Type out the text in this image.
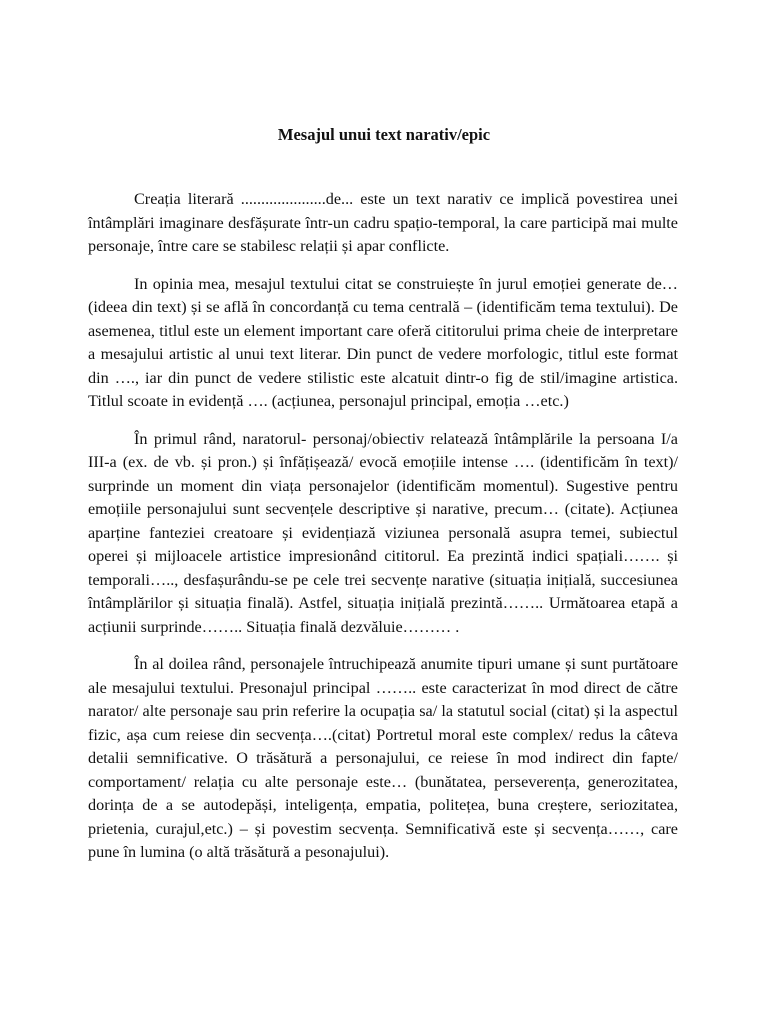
Mesajul unui text narativ/epic

Creația literară .....................de... este un text narativ ce implică povestirea unei întâmplări imaginare desfășurate într-un cadru spațio-temporal, la care participă mai multe personaje, între care se stabilesc relații și apar conflicte.

In opinia mea, mesajul textului citat se construiește în jurul emoției generate de…(ideea din text) și se află în concordanță cu tema centrală – (identificăm tema textului). De asemenea, titlul este un element important care oferă cititorului prima cheie de interpretare a mesajului artistic al unui text literar. Din punct de vedere morfologic, titlul este format din …., iar din punct de vedere stilistic este alcatuit dintr-o fig de stil/imagine artistica. Titlul scoate in evidență …. (acțiunea, personajul principal, emoția …etc.)

În primul rând, naratorul- personaj/obiectiv relatează întâmplările la persoana I/a III-a (ex. de vb. și pron.) și înfățișează/ evocă emoțiile intense …. (identificăm în text)/ surprinde un moment din viața personajelor (identificăm momentul). Sugestive pentru emoțiile personajului sunt secvențele descriptive și narative, precum… (citate). Acțiunea aparține fanteziei creatoare și evidențiază viziunea personală asupra temei, subiectul operei și mijloacele artistice impresionând cititorul. Ea prezintă indici spațiali……. și temporali….., desfașurându-se pe cele trei secvențe narative (situația inițială, succesiunea întâmplărilor și situația finală). Astfel, situația inițială prezintă…….. Următoarea etapă a acțiunii surprinde…….. Situația finală dezvăluie……… .

În al doilea rând, personajele întruchipează anumite tipuri umane și sunt purtătoare ale mesajului textului. Presonajul principal …….. este caracterizat în mod direct de către narator/ alte personaje sau prin referire la ocupația sa/ la statutul social (citat) și la aspectul fizic, așa cum reiese din secvența….(citat) Portretul moral este complex/ redus la câteva detalii semnificative. O trăsătură a personajului, ce reiese în mod indirect din fapte/ comportament/ relația cu alte personaje este… (bunătatea, perseverența, generozitatea, dorința de a se autodepăși, inteligența, empatia, politețea, buna creștere, seriozitatea, prietenia, curajul,etc.) – și povestim secvența. Semnificativă este și secvența……, care pune în lumina (o altă trăsătură a pesonajului).
